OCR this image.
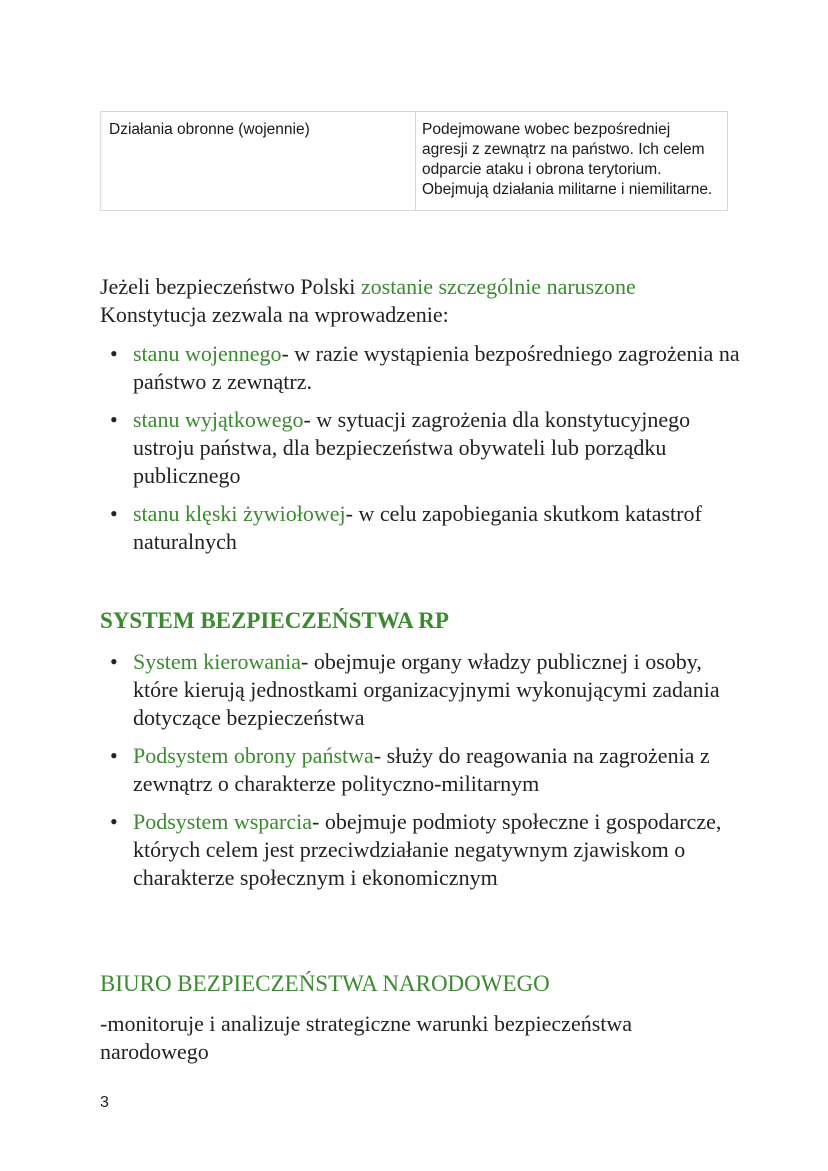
Działania obronne (wojennie)	Podejmowane wobec bezpośredniej agresji z zewnątrz na państwo. Ich celem odparcie ataku i obrona terytorium. Obejmują działania militarne i niemilitarne.
Jeżeli bezpieczeństwo Polski zostanie szczególnie naruszone Konstytucja zezwala na wprowadzenie:
• stanu wojennego- w razie wystąpienia bezpośredniego zagrożenia na państwo z zewnątrz.
• stanu wyjątkowego- w sytuacji zagrożenia dla konstytucyjnego ustroju państwa, dla bezpieczeństwa obywateli lub porządku publicznego
• stanu klęski żywiołowej- w celu zapobiegania skutkom katastrof naturalnych
SYSTEM BEZPIECZEŃSTWA RP
• System kierowania- obejmuje organy władzy publicznej i osoby, które kierują jednostkami organizacyjnymi wykonującymi zadania dotyczące bezpieczeństwa
• Podsystem obrony państwa- służy do reagowania na zagrożenia z zewnątrz o charakterze polityczno-militarnym
• Podsystem wsparcia- obejmuje podmioty społeczne i gospodarcze, których celem jest przeciwdziałanie negatywnym zjawiskom o charakterze społecznym i ekonomicznym
BIURO BEZPIECZEŃSTWA NARODOWEGO
-monitoruje i analizuje strategiczne warunki bezpieczeństwa narodowego
3
